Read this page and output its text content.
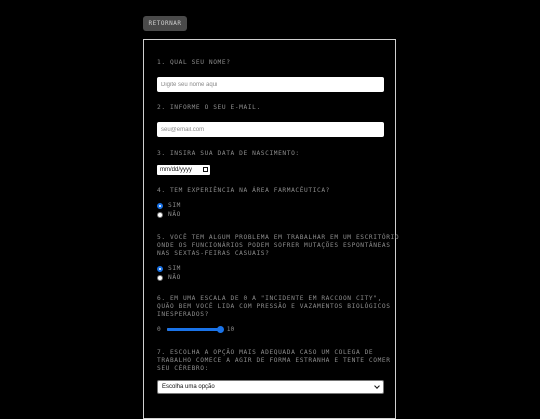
RETORNAR
1. QUAL SEU NOME?
Digite seu nome aqui
2. INFORME O SEU E-MAIL.
seu@email.com
3. INSIRA SUA DATA DE NASCIMENTO:
mm/dd/yyyy
4. TEM EXPERIÊNCIA NA ÁREA FARMACÊUTICA?
SIM
NÃO
5. VOCÊ TEM ALGUM PROBLEMA EM TRABALHAR EM UM ESCRITÓRIO
ONDE OS FUNCIONÁRIOS PODEM SOFRER MUTAÇÕES ESPONTÂNEAS
NAS SEXTAS-FEIRAS CASUAIS?
SIM
NÃO
6. EM UMA ESCALA DE 0 A "INCIDENTE EM RACCOON CITY",
QUÃO BEM VOCÊ LIDA COM PRESSÃO E VAZAMENTOS BIOLÓGICOS
INESPERADOS?
0	10
7. ESCOLHA A OPÇÃO MAIS ADEQUADA CASO UM COLEGA DE
TRABALHO COMECE A AGIR DE FORMA ESTRANHA E TENTE COMER
SEU CÉREBRO:
Escolha uma opção
